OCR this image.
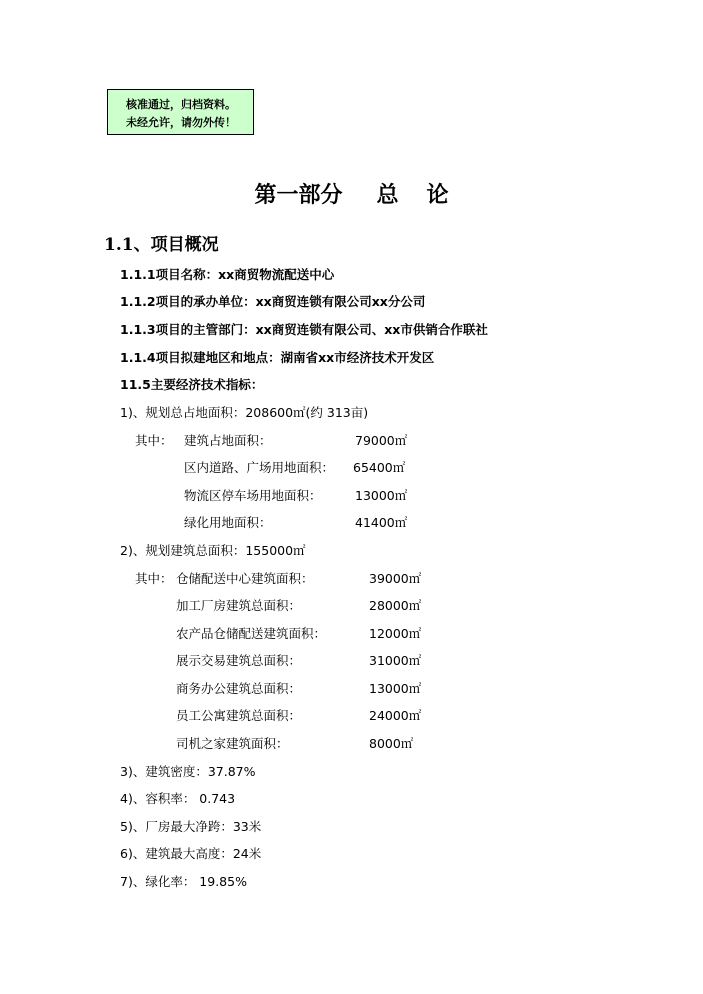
核准通过，归档资料。
未经允许，请勿外传！
第一部分 总 论
1.1、项目概况
1.1.1项目名称：xx商贸物流配送中心
1.1.2项目的承办单位：xx商贸连锁有限公司xx分公司
1.1.3项目的主管部门：xx商贸连锁有限公司、xx市供销合作联社
1.1.4项目拟建地区和地点：湖南省xx市经济技术开发区
11.5主要经济技术指标：
1)、规划总占地面积：208600㎡(约 313亩)
其中： 建筑占地面积：	79000㎡
区内道路、广场用地面积： 65400㎡
物流区停车场用地面积：	13000㎡
绿化用地面积：	41400㎡
2)、规划建筑总面积：155000㎡
其中： 仓储配送中心建筑面积：	39000㎡
加工厂房建筑总面积：	28000㎡
农产品仓储配送建筑面积：	12000㎡
展示交易建筑总面积：	31000㎡
商务办公建筑总面积：	13000㎡
员工公寓建筑总面积：	24000㎡
司机之家建筑面积：	8000㎡
3)、建筑密度：37.87%
4)、容积率： 0.743
5)、厂房最大净跨：33米
6)、建筑最大高度：24米
7)、绿化率： 19.85%
